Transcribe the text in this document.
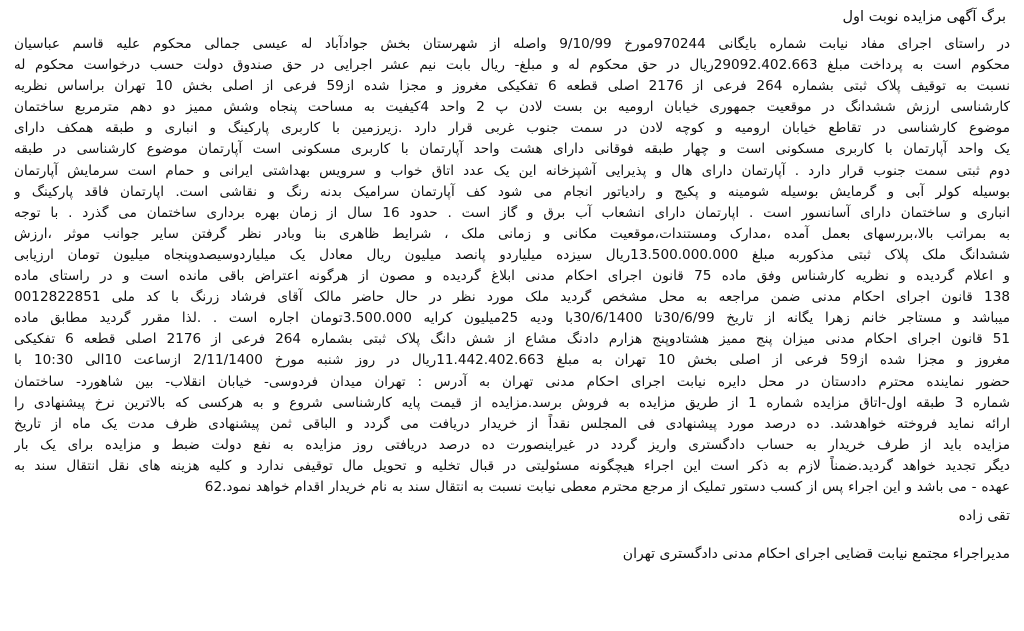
برگ آگهی مزایده نوبت اول
در راستای اجرای مفاد نیابت شماره بایگانی 970244مورخ 9/10/99 واصله از شهرستان بخش جوادآباد له عیسی جمالی محکوم علیه قاسم عباسیان
محکوم است به پرداخت مبلغ 29092.402.663ریال در حق محکوم له و مبلغ- ریال بابت نیم عشر اجرایی در حق صندوق دولت حسب درخواست محکوم له
نسبت به توقیف پلاک ثبتی بشماره 264 فرعی از 2176 اصلی قطعه 6 تفکیکی مغروز و مجزا شده از59 فرعی از اصلی بخش 10 تهران براساس نظریه
کارشناسی ارزش ششدانگ در موقعیت جمهوری خیابان ارومیه بن بست لادن پ 2 واحد 4کیفیت به مساحت پنجاه وشش ممیز دو دهم مترمربع ساختمان
موضوع کارشناسی در تقاطع خیابان ارومیه و کوچه لادن در سمت جنوب غربی قرار دارد .زیرزمین با کاربری پارکینگ و انباری و طبقه همکف دارای
یک واحد آپارتمان با کاربری مسکونی است و چهار طبقه فوقانی دارای هشت واحد آپارتمان با کاربری مسکونی است آپارتمان موضوع کارشناسی در طبقه
دوم ثبتی سمت جنوب قرار دارد . آپارتمان دارای هال و پذیرایی آشپزخانه این یک عدد اتاق خواب و سرویس بهداشتی ایرانی و حمام است سرمایش آپارتمان
بوسیله کولر آبی و گرمایش بوسیله شومینه و پکیج و رادیاتور انجام می شود کف آپارتمان سرامیک بدنه رنگ و نقاشی است. اپارتمان فاقد پارکینگ و
انباری و ساختمان دارای آسانسور است . اپارتمان دارای انشعاب آب برق و گاز است . حدود 16 سال از زمان بهره برداری ساختمان می گذرد . با توجه
به بمراتب بالا،بررسهای بعمل آمده ،مدارک ومستندات،موقعیت مکانی و زمانی ملک ، شرایط ظاهری بنا وبادر نظر گرفتن سایر جوانب موثر ،ارزش
ششدانگ ملک پلاک ثبتی مذکوربه مبلغ 13.500.000.000ریال سیزده میلیاردو پانصد میلیون ریال معادل یک میلیاردوسیصدوپنجاه میلیون تومان ارزیابی
و اعلام گردیده و نظریه کارشناس وفق ماده 75 قانون اجرای احکام مدنی ابلاغ گردیده و مصون از هرگونه اعتراض باقی مانده است و در راستای ماده
138 قانون اجرای احکام مدنی ضمن مراجعه به محل مشخص گردید ملک مورد نظر در حال حاضر مالک آقای فرشاد زرنگ با کد ملی 0012822851
میباشد و مستاجر خانم زهرا یگانه از تاریخ 30/6/99تا 30/6/1400با ودیه 25میلیون کرایه 3.500.000تومان اجاره است . .لذا مقرر گردید مطابق ماده
51 قانون اجرای احکام مدنی میزان پنج ممیز هشتادوپنج هزارم دادنگ مشاع از شش دانگ پلاک ثبتی بشماره 264 فرعی از 2176 اصلی قطعه 6 تفکیکی
مغروز و مجزا شده از59 فرعی از اصلی بخش 10 تهران به مبلغ 11.442.402.663ریال در روز شنبه مورخ 2/11/1400 ازساعت 10الی 10:30 با
حضور نماینده محترم دادستان در محل دایره نیابت اجرای احکام مدنی تهران به آدرس : تهران میدان فردوسی- خیابان انقلاب- بین شاهورد- ساختمان
شماره 3 طبقه اول-اتاق مزایده شماره 1 از طریق مزایده به فروش برسد.مزایده از قیمت پایه کارشناسی شروع و به هرکسی که بالاترین نرخ پیشنهادی را
ارائه نماید فروخته خواهدشد. ده درصد مورد پیشنهادی فی المجلس نقداً از خریدار دریافت می گردد و الباقی ثمن پیشنهادی ظرف مدت یک ماه از تاریخ
مزایده باید از طرف خریدار به حساب دادگستری واریز گردد در غیراینصورت ده درصد دریافتی روز مزایده به نفع دولت ضبط و مزایده برای یک بار
دیگر تجدید خواهد گردید.ضمناً لازم به ذکر است این اجراء هیچگونه مسئولیتی در قبال تخلیه و تحویل مال توقیفی ندارد و کلیه هزینه های نقل انتقال سند به
عهده - می باشد و این اجراء پس از کسب دستور تملیک از مرجع محترم معطی نیابت نسبت به انتقال سند به نام خریدار اقدام خواهد نمود.62
تقی زاده
مدیراجراء مجتمع نیابت قضایی اجرای احکام مدنی دادگستری تهران
